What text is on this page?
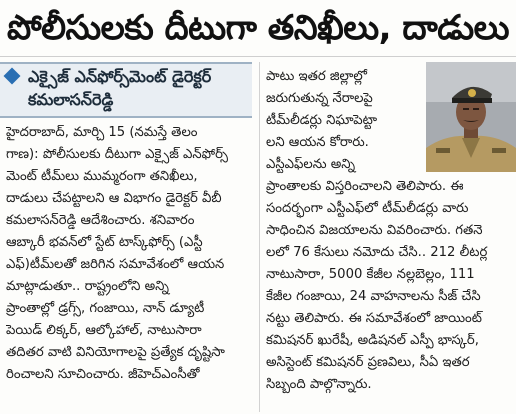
పోలీసులకు దీటుగా తనిఖీలు, దాడులు
ఎక్సైజ్ ఎన్‌ఫోర్స్‌మెంట్ డైరెక్టర్
కమలాసన్‌రెడ్డి
హైదరాబాద్, మార్చి 15 (నమస్తే తెలం
గాణ): పోలీసులకు దీటుగా ఎక్సైజ్ ఎన్‌ఫోర్స్
మెంట్ టీమ్‌లు ముమ్మరంగా తనిఖీలు,
దాడులు చేపట్టాలని ఆ విభాగం డైరెక్టర్ వీబీ
కమలాసన్‌రెడ్డి ఆదేశించారు. శనివారం
ఆబ్కారీ భవన్‌లో స్టేట్ టాస్క్‌ఫోర్స్ (ఎస్టీ
ఎఫ్)టీమ్‌లతో జరిగిన సమావేశంలో ఆయన
మాట్లాడుతూ.. రాష్ట్రంలోని అన్ని
ప్రాంతాల్లో డ్రగ్స్, గంజాయి, నాన్ డ్యూటీ
పెయిడ్ లిక్కర్, ఆల్కోహాల్, నాటుసారా
తదితర వాటి వినియోగాలపై ప్రత్యేక దృష్టిసా
రించాలని సూచించారు. జీహెచ్‌ఎంసీతో
పాటు ఇతర జిల్లాల్లో
జరుగుతున్న నేరాలపై
టీమ్‌లీడర్లు నిఘాపెట్టా
లని ఆయన కోరారు.
ఎస్టీఎఫ్‌లను అన్ని
ప్రాంతాలకు విస్తరించాలని తెలిపారు. ఈ
సందర్భంగా ఎస్టీఎఫ్‌లో టీమ్‌లీడర్లు వారు
సాధించిన విజయాలను వివరించారు. గతనె
లలో 76 కేసులు నమోదు చేసి.. 212 లీటర్ల
నాటుసారా, 5000 కేజీల నల్లబెల్లం, 111
కేజీల గంజాయి, 24 వాహనాలను సీజ్ చేసి
నట్టు తెలిపారు. ఈ సమావేశంలో జాయింట్
కమిషనర్ ఖురేషీ, అడిషనల్ ఎస్పీ భాస్కర్,
అసిస్టెంట్ కమిషనర్ ప్రణవిలు, సీఏ ఇతర
సిబ్బంది పాల్గొన్నారు.
